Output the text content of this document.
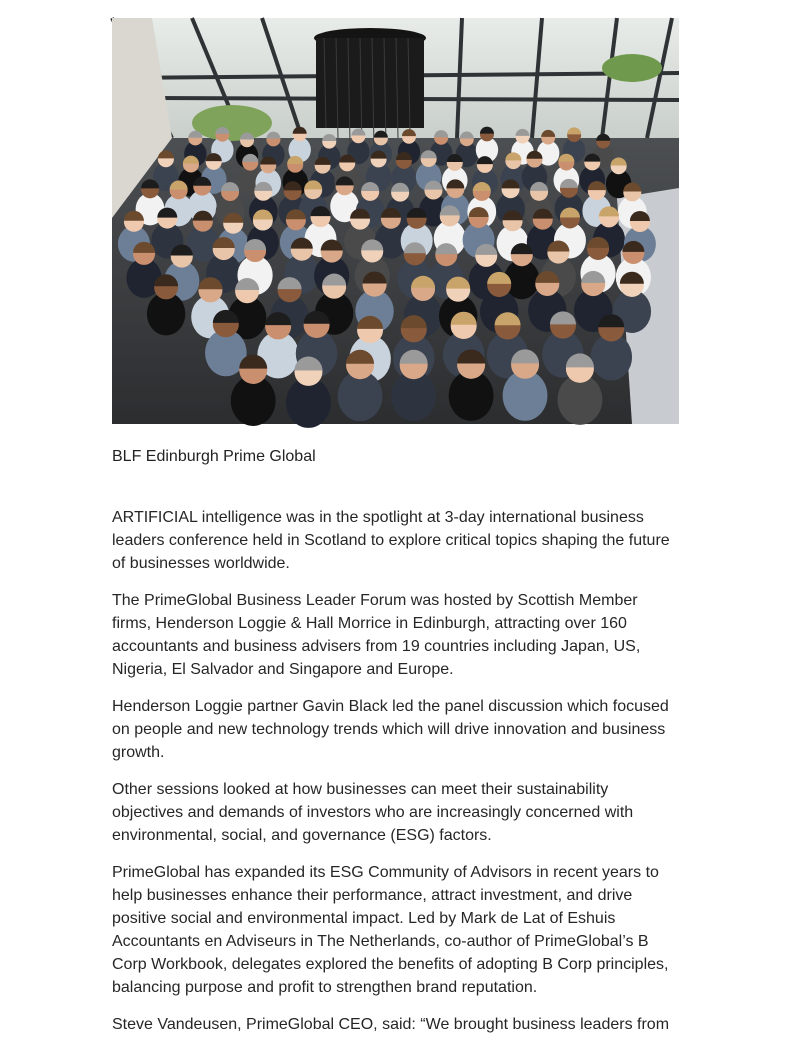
BLF Edinburgh Prime Global

ARTIFICIAL intelligence was in the spotlight at 3-day international business leaders conference held in Scotland to explore critical topics shaping the future of businesses worldwide.

The PrimeGlobal Business Leader Forum was hosted by Scottish Member firms, Henderson Loggie & Hall Morrice in Edinburgh, attracting over 160 accountants and business advisers from 19 countries including Japan, US, Nigeria, El Salvador and Singapore and Europe.

Henderson Loggie partner Gavin Black led the panel discussion which focused on people and new technology trends which will drive innovation and business growth.

Other sessions looked at how businesses can meet their sustainability objectives and demands of investors who are increasingly concerned with environmental, social, and governance (ESG) factors.

PrimeGlobal has expanded its ESG Community of Advisors in recent years to help businesses enhance their performance, attract investment, and drive positive social and environmental impact. Led by Mark de Lat of Eshuis Accountants en Adviseurs in The Netherlands, co-author of PrimeGlobal’s B Corp Workbook, delegates explored the benefits of adopting B Corp principles, balancing purpose and profit to strengthen brand reputation.

Steve Vandeusen, PrimeGlobal CEO, said: “We brought business leaders from
